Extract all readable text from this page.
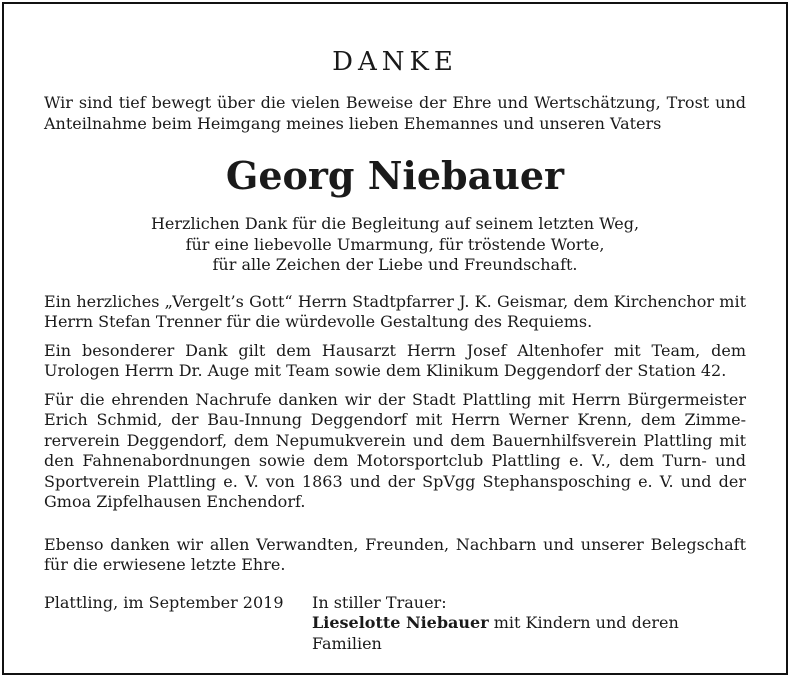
DANKE

Wir sind tief bewegt über die vielen Beweise der Ehre und Wertschätzung, Trost und Anteilnahme beim Heimgang meines lieben Ehemannes und unseren Vaters

Georg Niebauer
Herzlichen Dank für die Begleitung auf seinem letzten Weg,
für eine liebevolle Umarmung, für tröstende Worte,
für alle Zeichen der Liebe und Freundschaft.

Ein herzliches „Vergelt’s Gott“ Herrn Stadtpfarrer J. K. Geismar, dem Kirchenchor mit Herrn Stefan Trenner für die würdevolle Gestaltung des Requiems.

Ein besonderer Dank gilt dem Hausarzt Herrn Josef Altenhofer mit Team, dem Urologen Herrn Dr. Auge mit Team sowie dem Klinikum Deggendorf der Station 42.

Für die ehrenden Nachrufe danken wir der Stadt Plattling mit Herrn Bürgermeister Erich Schmid, der Bau-Innung Deggendorf mit Herrn Werner Krenn, dem Zimmererverein Deggendorf, dem Nepumukverein und dem Bauernhilfsverein Plattling mit den Fahnenabordnungen sowie dem Motorsportclub Plattling e. V., dem Turn- und Sportverein Plattling e. V. von 1863 und der SpVgg Stephansposching e. V. und der Gmoa Zipfelhausen Enchendorf.

Ebenso danken wir allen Verwandten, Freunden, Nachbarn und unserer Belegschaft für die erwiesene letzte Ehre.

Plattling, im September 2019	In stiller Trauer:
Lieselotte Niebauer mit Kindern und deren Familien
